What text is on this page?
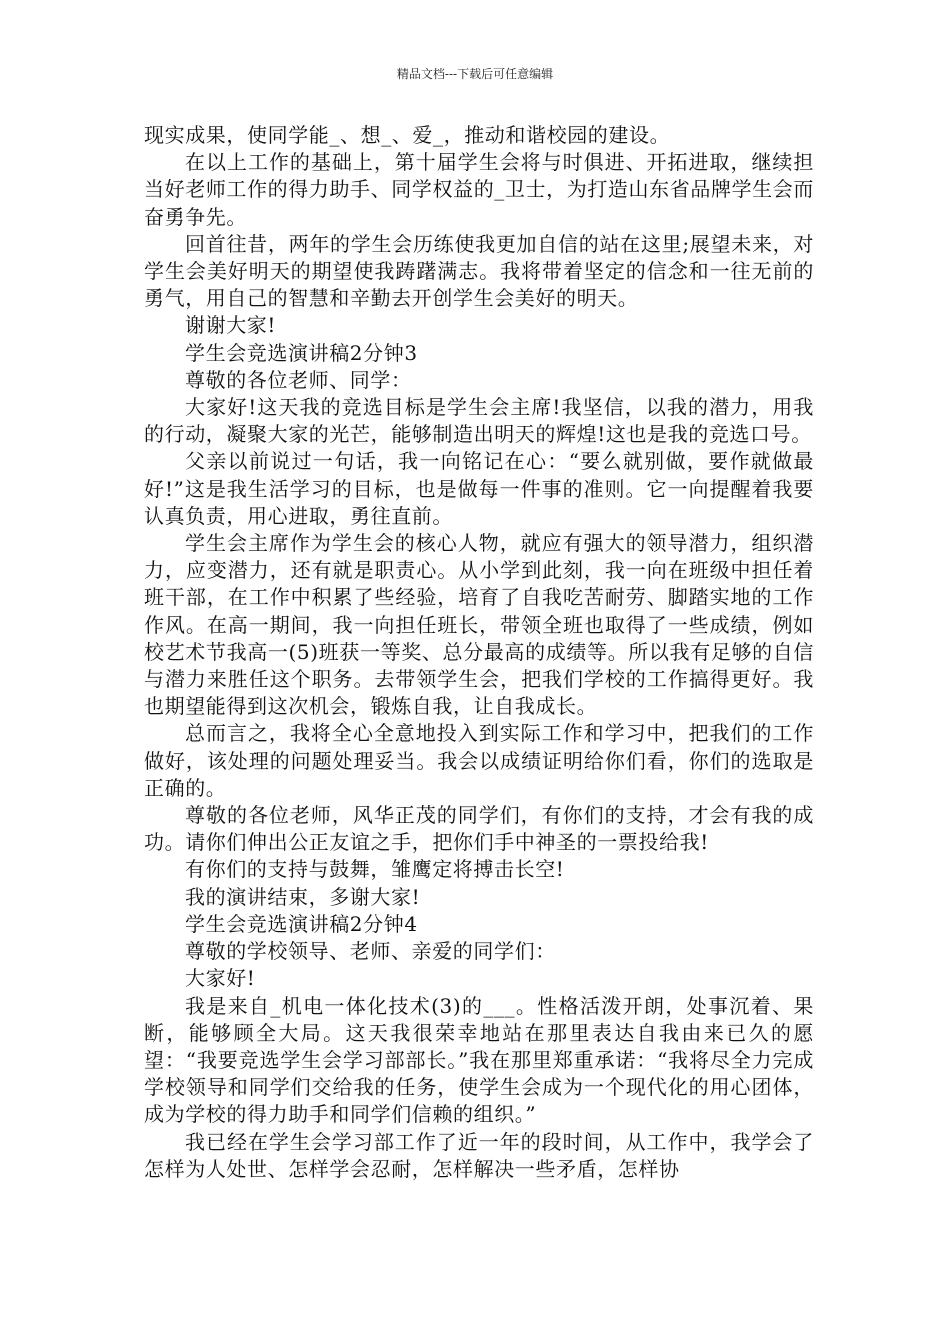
精品文档---下载后可任意编辑

现实成果，使同学能_、想_、爱_，推动和谐校园的建设。

在以上工作的基础上，第十届学生会将与时俱进、开拓进取，继续担当好老师工作的得力助手、同学权益的_卫士，为打造山东省品牌学生会而奋勇争先。

回首往昔，两年的学生会历练使我更加自信的站在这里;展望未来，对学生会美好明天的期望使我踌躇满志。我将带着坚定的信念和一往无前的勇气，用自己的智慧和辛勤去开创学生会美好的明天。

谢谢大家!

学生会竞选演讲稿2分钟3

尊敬的各位老师、同学：

大家好!这天我的竞选目标是学生会主席!我坚信，以我的潜力，用我的行动，凝聚大家的光芒，能够制造出明天的辉煌!这也是我的竞选口号。

父亲以前说过一句话，我一向铭记在心：“要么就别做，要作就做最好!”这是我生活学习的目标，也是做每一件事的准则。它一向提醒着我要认真负责，用心进取，勇往直前。

学生会主席作为学生会的核心人物，就应有强大的领导潜力，组织潜力，应变潜力，还有就是职责心。从小学到此刻，我一向在班级中担任着班干部，在工作中积累了些经验，培育了自我吃苦耐劳、脚踏实地的工作作风。在高一期间，我一向担任班长，带领全班也取得了一些成绩，例如校艺术节我高一(5)班获一等奖、总分最高的成绩等。所以我有足够的自信与潜力来胜任这个职务。去带领学生会，把我们学校的工作搞得更好。我也期望能得到这次机会，锻炼自我，让自我成长。

总而言之，我将全心全意地投入到实际工作和学习中，把我们的工作做好，该处理的问题处理妥当。我会以成绩证明给你们看，你们的选取是正确的。

尊敬的各位老师，风华正茂的同学们，有你们的支持，才会有我的成功。请你们伸出公正友谊之手，把你们手中神圣的一票投给我!

有你们的支持与鼓舞，雏鹰定将搏击长空!

我的演讲结束，多谢大家!

学生会竞选演讲稿2分钟4

尊敬的学校领导、老师、亲爱的同学们：

大家好!

我是来自_机电一体化技术(3)的___。性格活泼开朗，处事沉着、果断，能够顾全大局。这天我很荣幸地站在那里表达自我由来已久的愿望：“我要竞选学生会学习部部长。”我在那里郑重承诺：“我将尽全力完成学校领导和同学们交给我的任务，使学生会成为一个现代化的用心团体，成为学校的得力助手和同学们信赖的组织。”

我已经在学生会学习部工作了近一年的段时间，从工作中，我学会了怎样为人处世、怎样学会忍耐，怎样解决一些矛盾，怎样协
